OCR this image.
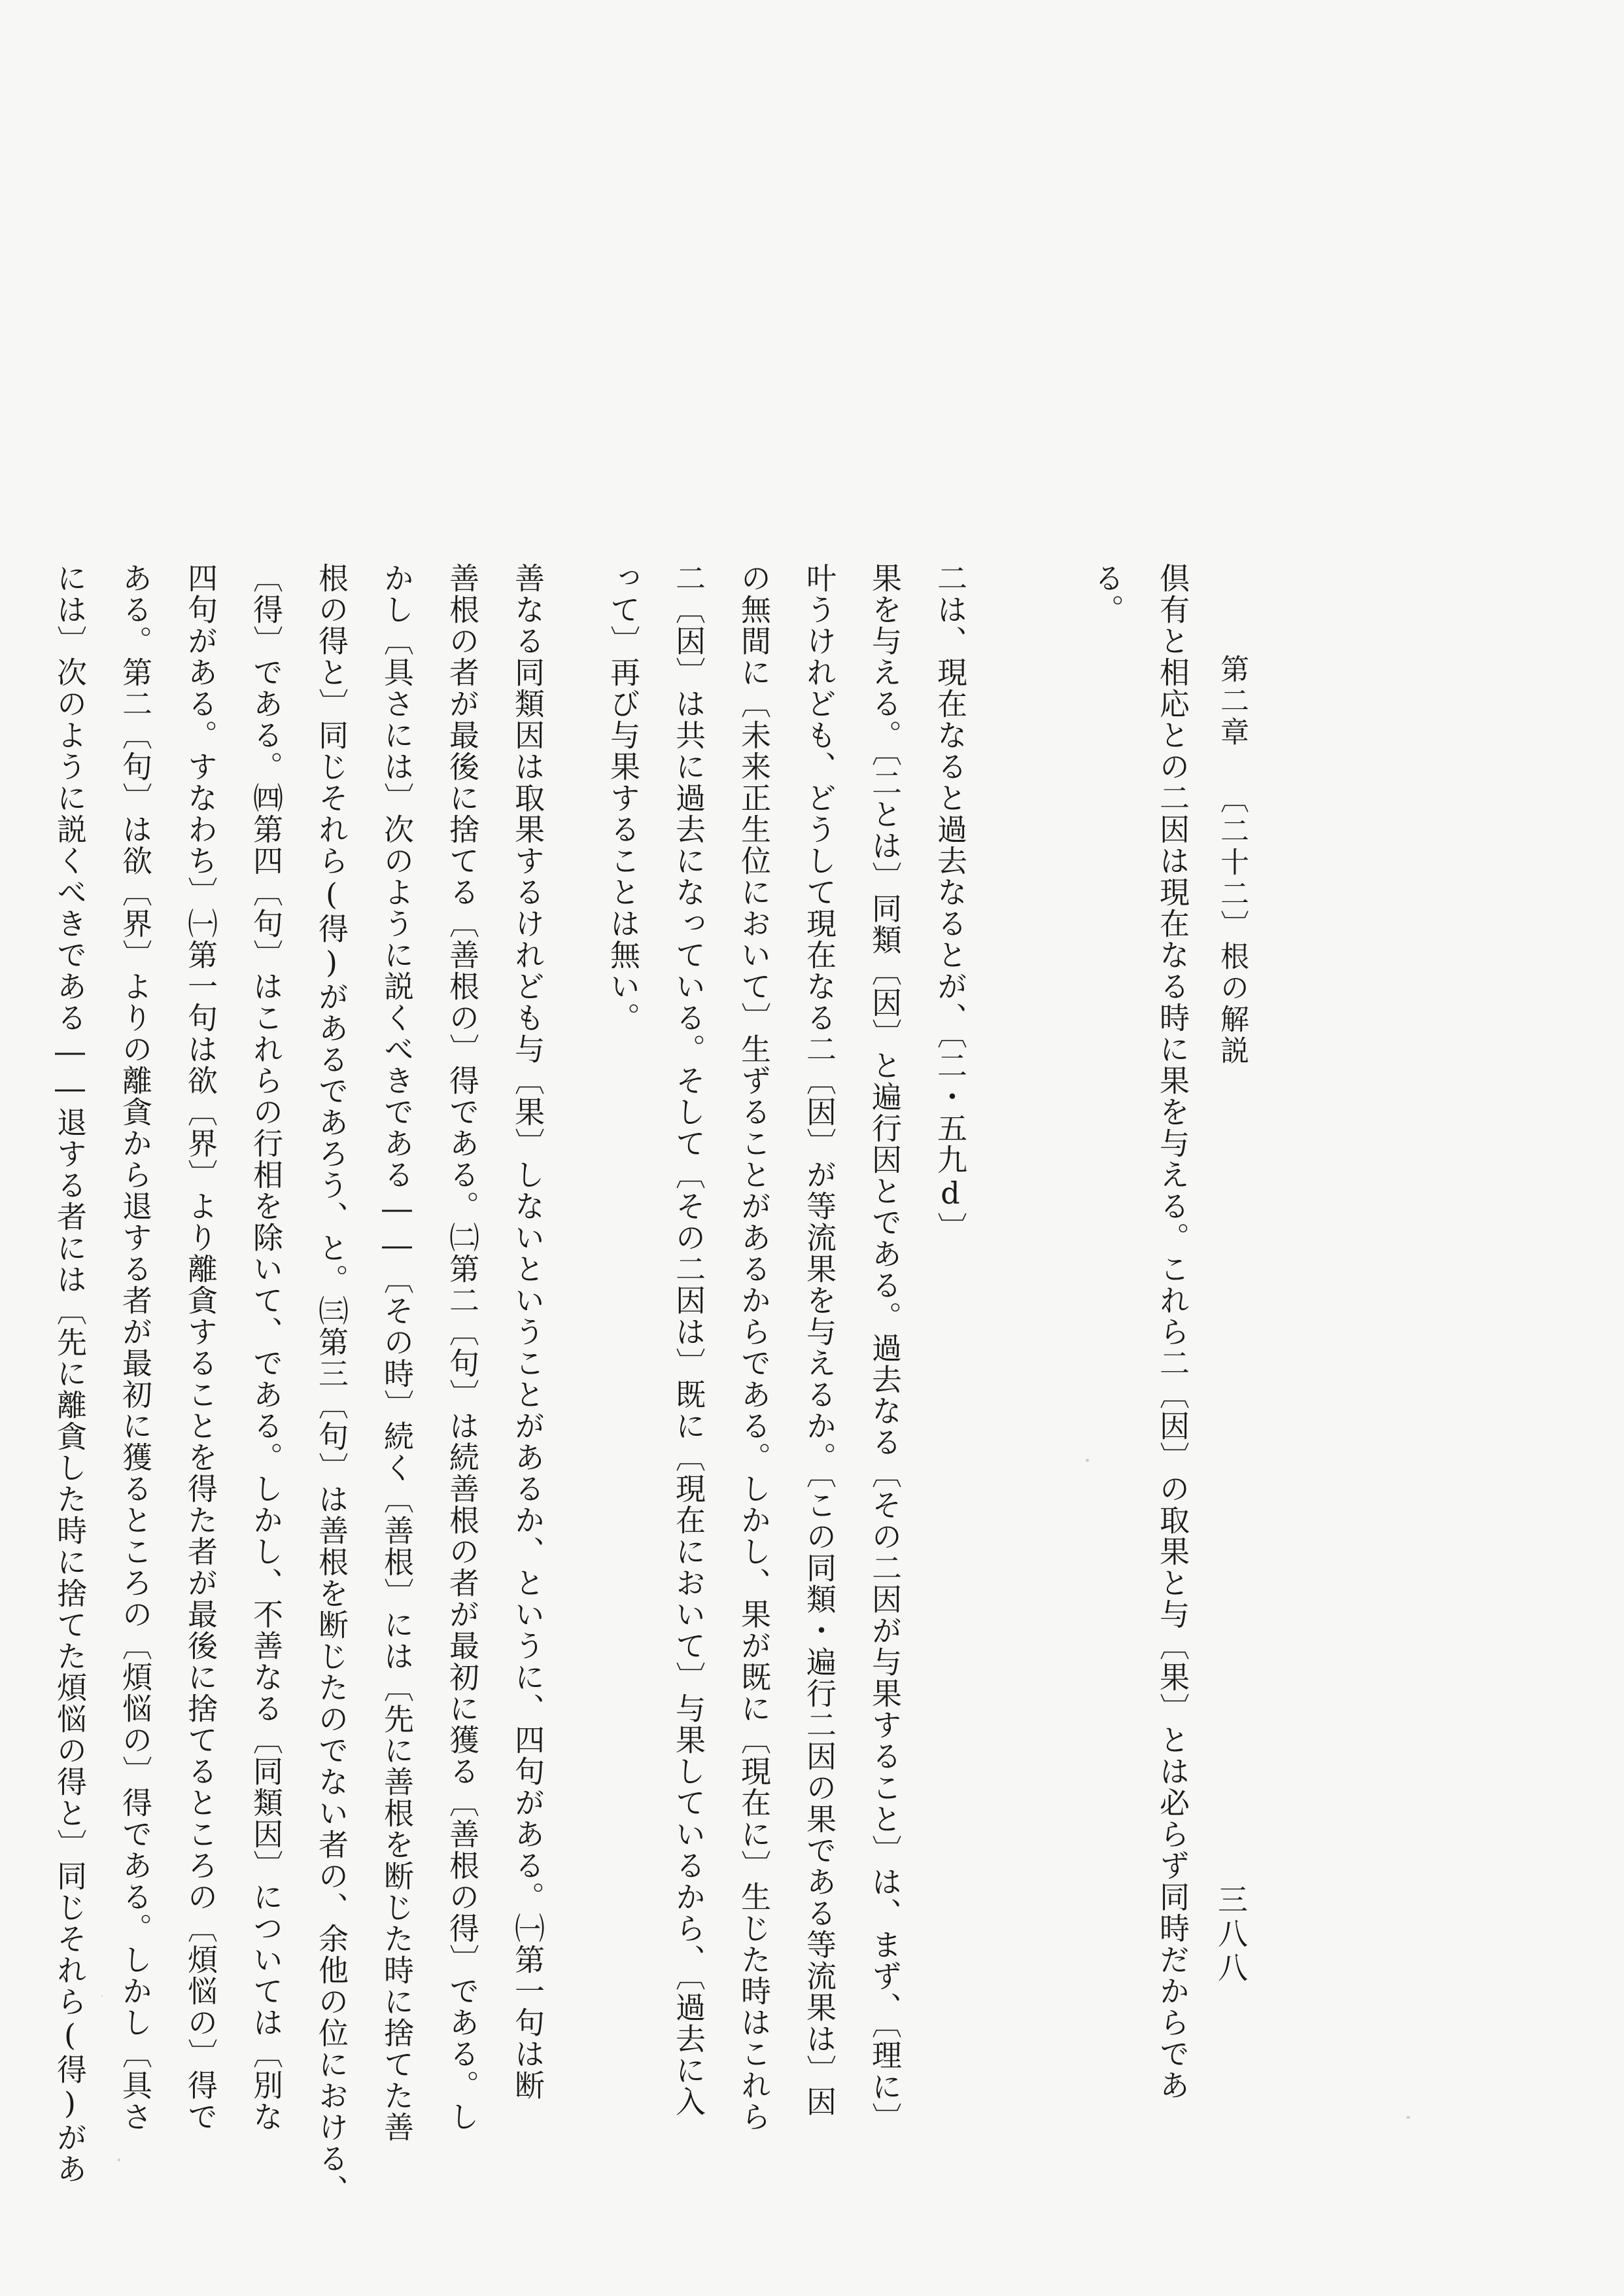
第二章 〔二十二〕根の解説
三八八
倶有と相応との二因は現在なる時に果を与える。これら二〔因〕の取果と与〔果〕とは必らず同時だからであ
る。
二は、現在なると過去なるとが、〔二・五九d〕
果を与える。〔二とは〕同類〔因〕と遍行因とである。過去なる〔その二因が与果すること〕は、まず、〔理に〕
叶うけれども、どうして現在なる二〔因〕が等流果を与えるか。〔この同類・遍行二因の果である等流果は〕因
の無間に〔未来正生位において〕生ずることがあるからである。しかし、果が既に〔現在に〕生じた時はこれら
二〔因〕は共に過去になっている。そして〔その二因は〕既に〔現在において〕与果しているから、〔過去に入
って〕再び与果することは無い。
善なる同類因は取果するけれども与〔果〕しないということがあるか、というに、四句がある。㈠第一句は断
善根の者が最後に捨てる〔善根の〕得である。㈡第二〔句〕は続善根の者が最初に獲る〔善根の得〕である。し
かし〔具さには〕次のように説くべきである――〔その時〕続く〔善根〕には〔先に善根を断じた時に捨てた善
根の得と〕同じそれら(得)があるであろう、と。㈢第三〔句〕は善根を断じたのでない者の、余他の位における、
〔得〕である。㈣第四〔句〕はこれらの行相を除いて、である。しかし、不善なる〔同類因〕については〔別な
四句がある。すなわち〕㈠第一句は欲〔界〕より離貪することを得た者が最後に捨てるところの〔煩悩の〕得で
ある。第二〔句〕は欲〔界〕よりの離貪から退する者が最初に獲るところの〔煩悩の〕得である。しかし〔具さ
には〕次のように説くべきである――退する者には〔先に離貪した時に捨てた煩悩の得と〕同じそれら(得)があ
